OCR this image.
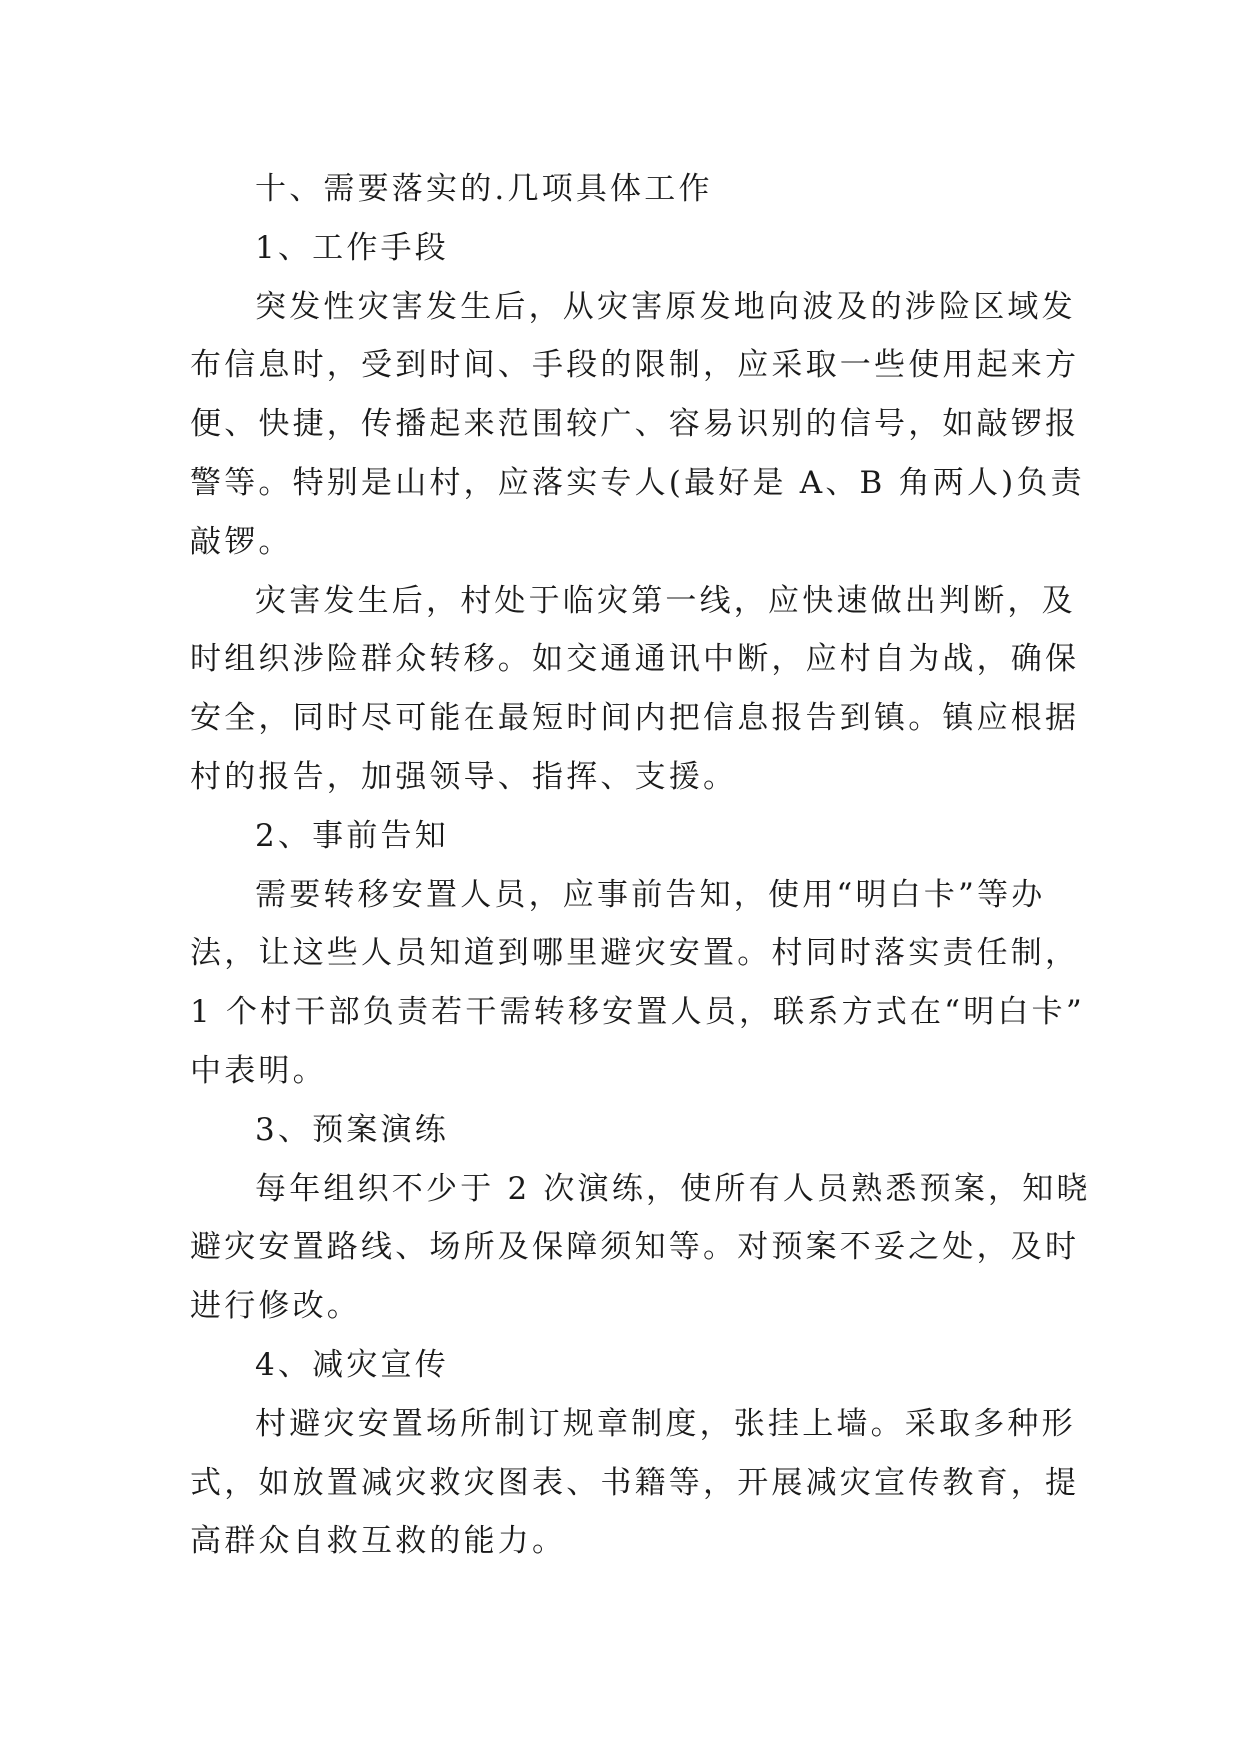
十、需要落实的.几项具体工作

1、工作手段

突发性灾害发生后，从灾害原发地向波及的涉险区域发

布信息时，受到时间、手段的限制，应采取一些使用起来方

便、快捷，传播起来范围较广、容易识别的信号，如敲锣报

警等。特别是山村，应落实专人(最好是 A、B 角两人)负责

敲锣。

灾害发生后，村处于临灾第一线，应快速做出判断，及

时组织涉险群众转移。如交通通讯中断，应村自为战，确保

安全，同时尽可能在最短时间内把信息报告到镇。镇应根据

村的报告，加强领导、指挥、支援。

2、事前告知

需要转移安置人员，应事前告知，使用“明白卡”等办

法，让这些人员知道到哪里避灾安置。村同时落实责任制，

1 个村干部负责若干需转移安置人员，联系方式在“明白卡”

中表明。

3、预案演练

每年组织不少于 2 次演练，使所有人员熟悉预案，知晓

避灾安置路线、场所及保障须知等。对预案不妥之处，及时

进行修改。

4、减灾宣传

村避灾安置场所制订规章制度，张挂上墙。采取多种形

式，如放置减灾救灾图表、书籍等，开展减灾宣传教育，提

高群众自救互救的能力。
